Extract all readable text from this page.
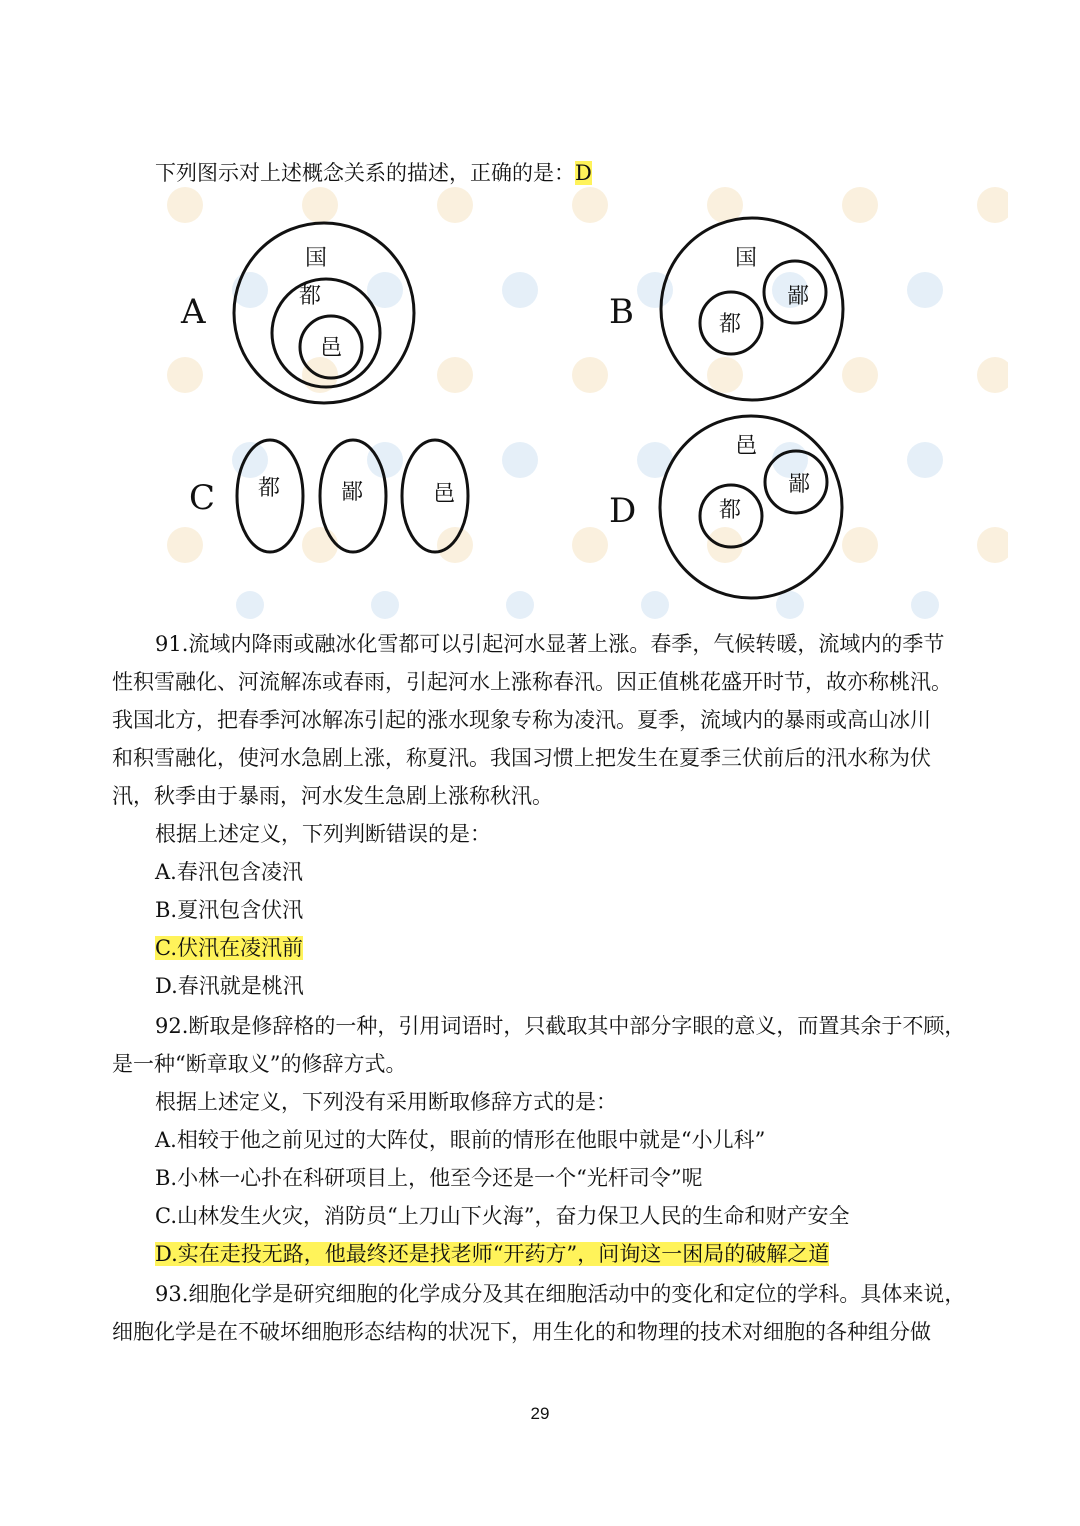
下列图示对上述概念关系的描述，正确的是：D
A
国
都
邑
B
国
都
鄙
C 都	鄙	邑	D
邑
都
鄙
91.流域内降雨或融冰化雪都可以引起河水显著上涨。春季，气候转暖，流域内的季节
性积雪融化、河流解冻或春雨，引起河水上涨称春汛。因正值桃花盛开时节，故亦称桃汛。
我国北方，把春季河冰解冻引起的涨水现象专称为凌汛。夏季，流域内的暴雨或高山冰川
和积雪融化，使河水急剧上涨，称夏汛。我国习惯上把发生在夏季三伏前后的汛水称为伏
汛，秋季由于暴雨，河水发生急剧上涨称秋汛。
根据上述定义，下列判断错误的是：
A.春汛包含凌汛
B.夏汛包含伏汛
C.伏汛在凌汛前
D.春汛就是桃汛
92.断取是修辞格的一种，引用词语时，只截取其中部分字眼的意义，而置其余于不顾，
是一种“断章取义”的修辞方式。
根据上述定义，下列没有采用断取修辞方式的是：
A.相较于他之前见过的大阵仗，眼前的情形在他眼中就是“小儿科”
B.小林一心扑在科研项目上，他至今还是一个“光杆司令”呢
C.山林发生火灾，消防员“上刀山下火海”，奋力保卫人民的生命和财产安全
D.实在走投无路，他最终还是找老师“开药方”，问询这一困局的破解之道
93.细胞化学是研究细胞的化学成分及其在细胞活动中的变化和定位的学科。具体来说，
细胞化学是在不破坏细胞形态结构的状况下，用生化的和物理的技术对细胞的各种组分做
29
